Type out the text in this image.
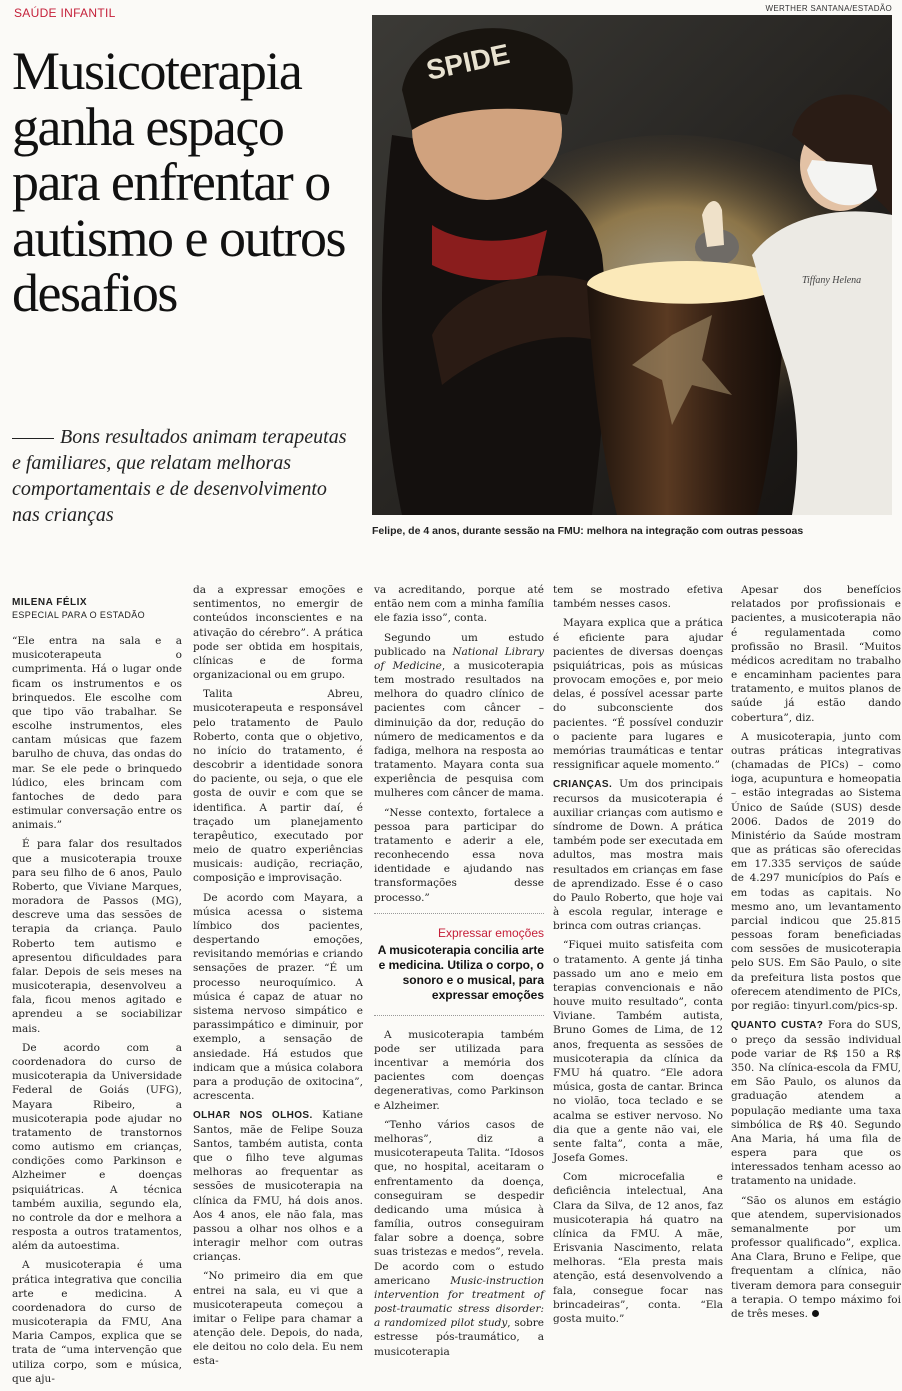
SAÚDE INFANTIL
Musicoterapia ganha espaço para enfrentar o autismo e outros desafios
Bons resultados animam terapeutas e familiares, que relatam melhoras comportamentais e de desenvolvimento nas crianças
WERTHER SANTANA/ESTADÃO
SPIDE
Tiffany Helena
Felipe, de 4 anos, durante sessão na FMU: melhora na integração com outras pessoas
MILENA FÉLIX
ESPECIAL PARA O ESTADÃO

“Ele entra na sala e a musicoterapeuta o cumprimenta. Há o lugar onde ficam os instrumentos e os brinquedos. Ele escolhe com que tipo vão trabalhar. Se escolhe instrumentos, eles cantam músicas que fazem barulho de chuva, das ondas do mar. Se ele pede o brinquedo lúdico, eles brincam com fantoches de dedo para estimular conversação entre os animais.”

É para falar dos resultados que a musicoterapia trouxe para seu filho de 6 anos, Paulo Roberto, que Viviane Marques, moradora de Passos (MG), descreve uma das sessões de terapia da criança. Paulo Roberto tem autismo e apresentou dificuldades para falar. Depois de seis meses na musicoterapia, desenvolveu a fala, ficou menos agitado e aprendeu a se sociabilizar mais.

De acordo com a coordenadora do curso de musicoterapia da Universidade Federal de Goiás (UFG), Mayara Ribeiro, a musicoterapia pode ajudar no tratamento de transtornos como autismo em crianças, condições como Parkinson e Alzheimer e doenças psiquiátricas. A técnica também auxilia, segundo ela, no controle da dor e melhora a resposta a outros tratamentos, além da autoestima.

A musicoterapia é uma prática integrativa que concilia arte e medicina. A coordenadora do curso de musicoterapia da FMU, Ana Maria Campos, explica que se trata de “uma intervenção que utiliza corpo, som e música, que aju-

da a expressar emoções e sentimentos, no emergir de conteúdos inconscientes e na ativação do cérebro”. A prática pode ser obtida em hospitais, clínicas e de forma organizacional ou em grupo.

Talita Abreu, musicoterapeuta e responsável pelo tratamento de Paulo Roberto, conta que o objetivo, no início do tratamento, é descobrir a identidade sonora do paciente, ou seja, o que ele gosta de ouvir e com que se identifica. A partir daí, é traçado um planejamento terapêutico, executado por meio de quatro experiências musicais: audição, recriação, composição e improvisação.

De acordo com Mayara, a música acessa o sistema límbico dos pacientes, despertando emoções, revisitando memórias e criando sensações de prazer. “É um processo neuroquímico. A música é capaz de atuar no sistema nervoso simpático e parassimpático e diminuir, por exemplo, a sensação de ansiedade. Há estudos que indicam que a música colabora para a produção de oxitocina”, acrescenta.

OLHAR NOS OLHOS. Katiane Santos, mãe de Felipe Souza Santos, também autista, conta que o filho teve algumas melhoras ao frequentar as sessões de musicoterapia na clínica da FMU, há dois anos. Aos 4 anos, ele não fala, mas passou a olhar nos olhos e a interagir melhor com outras crianças.

“No primeiro dia em que entrei na sala, eu vi que a musicoterapeuta começou a imitar o Felipe para chamar a atenção dele. Depois, do nada, ele deitou no colo dela. Eu nem esta-

va acreditando, porque até então nem com a minha família ele fazia isso”, conta.

Segundo um estudo publicado na National Library of Medicine, a musicoterapia tem mostrado resultados na melhora do quadro clínico de pacientes com câncer – diminuição da dor, redução do número de medicamentos e da fadiga, melhora na resposta ao tratamento. Mayara conta sua experiência de pesquisa com mulheres com câncer de mama.

“Nesse contexto, fortalece a pessoa para participar do tratamento e aderir a ele, reconhecendo essa nova identidade e ajudando nas transformações desse processo.”

Expressar emoções
A musicoterapia concilia arte e medicina. Utiliza o corpo, o sonoro e o musical, para expressar emoções

A musicoterapia também pode ser utilizada para incentivar a memória dos pacientes com doenças degenerativas, como Parkinson e Alzheimer.

“Tenho vários casos de melhoras”, diz a musicoterapeuta Talita. “Idosos que, no hospital, aceitaram o enfrentamento da doença, conseguiram se despedir dedicando uma música à família, outros conseguiram falar sobre a doença, sobre suas tristezas e medos”, revela. De acordo com o estudo americano Music-instruction intervention for treatment of post-traumatic stress disorder: a randomized pilot study, sobre estresse pós-traumático, a musicoterapia

tem se mostrado efetiva também nesses casos.

Mayara explica que a prática é eficiente para ajudar pacientes de diversas doenças psiquiátricas, pois as músicas provocam emoções e, por meio delas, é possível acessar parte do subconsciente dos pacientes. “É possível conduzir o paciente para lugares e memórias traumáticas e tentar ressignificar aquele momento.”

CRIANÇAS. Um dos principais recursos da musicoterapia é auxiliar crianças com autismo e síndrome de Down. A prática também pode ser executada em adultos, mas mostra mais resultados em crianças em fase de aprendizado. Esse é o caso do Paulo Roberto, que hoje vai à escola regular, interage e brinca com outras crianças.

“Fiquei muito satisfeita com o tratamento. A gente já tinha passado um ano e meio em terapias convencionais e não houve muito resultado”, conta Viviane. Também autista, Bruno Gomes de Lima, de 12 anos, frequenta as sessões de musicoterapia da clínica da FMU há quatro. “Ele adora música, gosta de cantar. Brinca no violão, toca teclado e se acalma se estiver nervoso. No dia que a gente não vai, ele sente falta”, conta a mãe, Josefa Gomes.

Com microcefalia e deficiência intelectual, Ana Clara da Silva, de 12 anos, faz musicoterapia há quatro na clínica da FMU. A mãe, Erisvania Nascimento, relata melhoras. “Ela presta mais atenção, está desenvolvendo a fala, consegue focar nas brincadeiras”, conta. “Ela gosta muito.”

Apesar dos benefícios relatados por profissionais e pacientes, a musicoterapia não é regulamentada como profissão no Brasil. “Muitos médicos acreditam no trabalho e encaminham pacientes para tratamento, e muitos planos de saúde já estão dando cobertura”, diz.

A musicoterapia, junto com outras práticas integrativas (chamadas de PICs) – como ioga, acupuntura e homeopatia – estão integradas ao Sistema Único de Saúde (SUS) desde 2006. Dados de 2019 do Ministério da Saúde mostram que as práticas são oferecidas em 17.335 serviços de saúde de 4.297 municípios do País e em todas as capitais. No mesmo ano, um levantamento parcial indicou que 25.815 pessoas foram beneficiadas com sessões de musicoterapia pelo SUS. Em São Paulo, o site da prefeitura lista postos que oferecem atendimento de PICs, por região: tinyurl.com/pics-sp.

QUANTO CUSTA? Fora do SUS, o preço da sessão individual pode variar de R$ 150 a R$ 350. Na clínica-escola da FMU, em São Paulo, os alunos da graduação atendem a população mediante uma taxa simbólica de R$ 40. Segundo Ana Maria, há uma fila de espera para que os interessados tenham acesso ao tratamento na unidade.

“São os alunos em estágio que atendem, supervisionados semanalmente por um professor qualificado”, explica. Ana Clara, Bruno e Felipe, que frequentam a clínica, não tiveram demora para conseguir a terapia. O tempo máximo foi de três meses.
